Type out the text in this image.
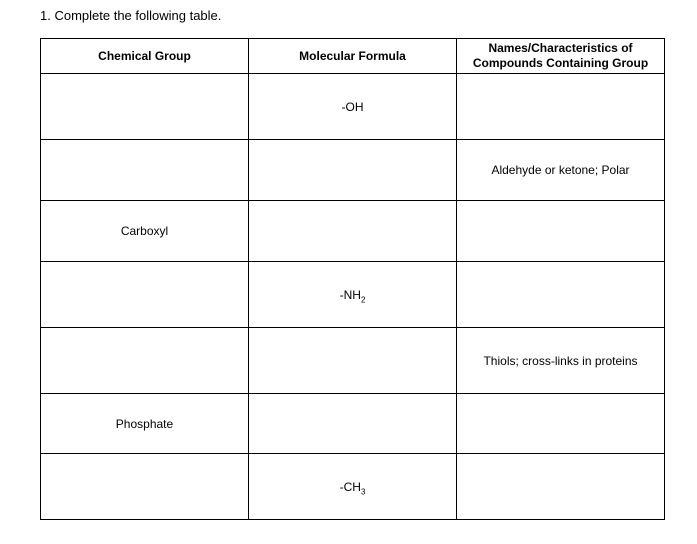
1. Complete the following table.
Chemical Group	Molecular Formula	Names/Characteristics of Compounds Containing Group
	-OH	
		Aldehyde or ketone; Polar
Carboxyl		
	$-NH_2$	
		Thiols; cross-links in proteins
Phosphate		
	$-CH_3$	
